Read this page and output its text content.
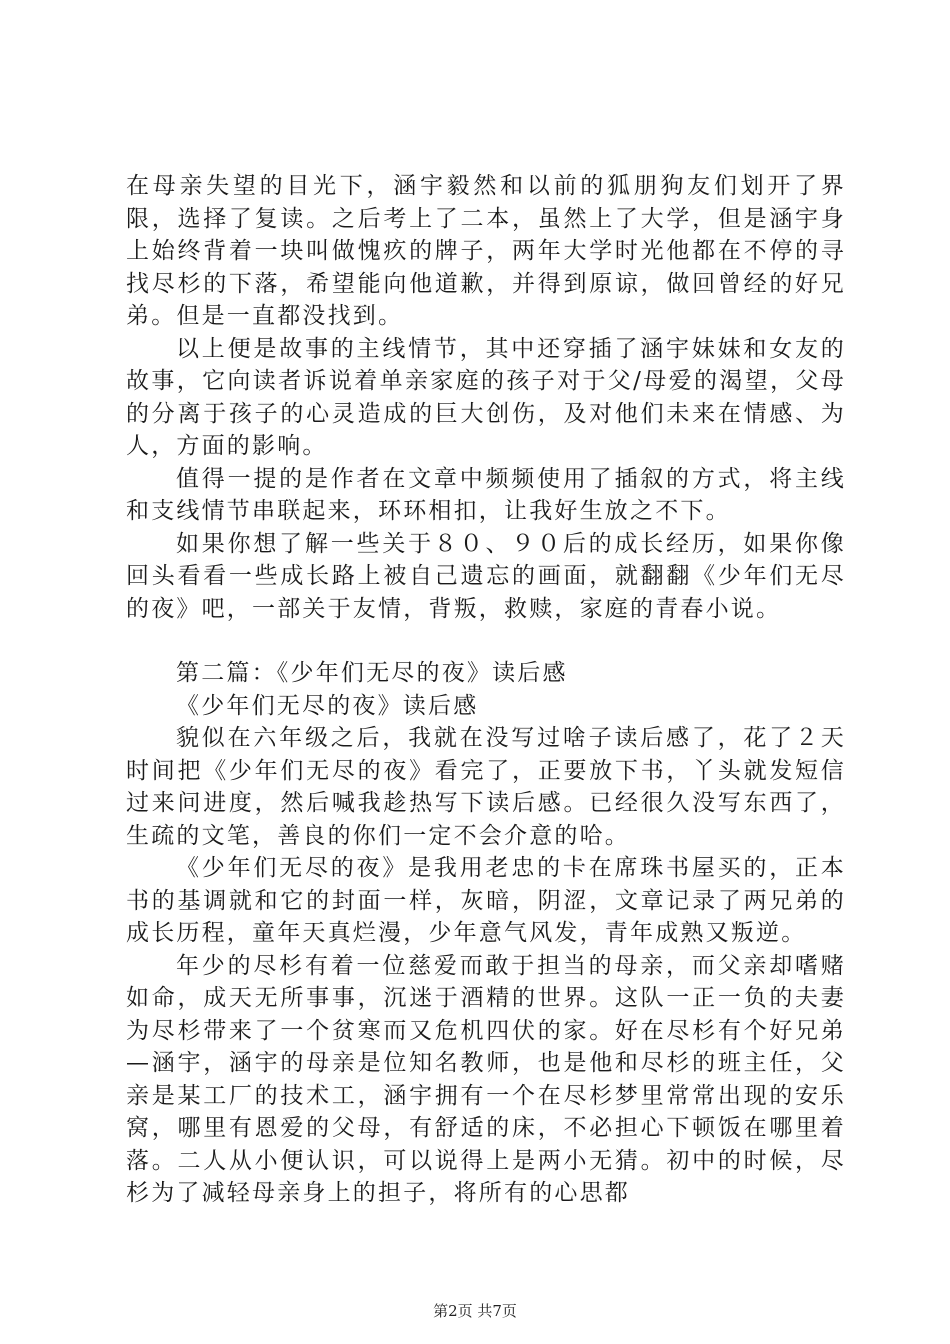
在母亲失望的目光下，涵宇毅然和以前的狐朋狗友们划开了界限，选择了复读。之后考上了二本，虽然上了大学，但是涵宇身上始终背着一块叫做愧疚的牌子，两年大学时光他都在不停的寻找尽杉的下落，希望能向他道歉，并得到原谅，做回曾经的好兄弟。但是一直都没找到。

以上便是故事的主线情节，其中还穿插了涵宇妹妹和女友的故事，它向读者诉说着单亲家庭的孩子对于父/母爱的渴望，父母的分离于孩子的心灵造成的巨大创伤，及对他们未来在情感、为人，方面的影响。

值得一提的是作者在文章中频频使用了插叙的方式，将主线和支线情节串联起来，环环相扣，让我好生放之不下。

如果你想了解一些关于８０、９０后的成长经历，如果你像回头看看一些成长路上被自己遗忘的画面，就翻翻《少年们无尽的夜》吧，一部关于友情，背叛，救赎，家庭的青春小说。

第二篇：《少年们无尽的夜》读后感

《少年们无尽的夜》读后感

貌似在六年级之后，我就在没写过啥子读后感了，花了２天时间把《少年们无尽的夜》看完了，正要放下书，丫头就发短信过来问进度，然后喊我趁热写下读后感。已经很久没写东西了，生疏的文笔，善良的你们一定不会介意的哈。

《少年们无尽的夜》是我用老忠的卡在席珠书屋买的，正本书的基调就和它的封面一样，灰暗，阴涩，文章记录了两兄弟的成长历程，童年天真烂漫，少年意气风发，青年成熟又叛逆。

年少的尽杉有着一位慈爱而敢于担当的母亲，而父亲却嗜赌如命，成天无所事事，沉迷于酒精的世界。这队一正一负的夫妻为尽杉带来了一个贫寒而又危机四伏的家。好在尽杉有个好兄弟—涵宇，涵宇的母亲是位知名教师，也是他和尽杉的班主任，父亲是某工厂的技术工，涵宇拥有一个在尽杉梦里常常出现的安乐窝，哪里有恩爱的父母，有舒适的床，不必担心下顿饭在哪里着落。二人从小便认识，可以说得上是两小无猜。初中的时候，尽杉为了减轻母亲身上的担子，将所有的心思都

第2页 共7页
